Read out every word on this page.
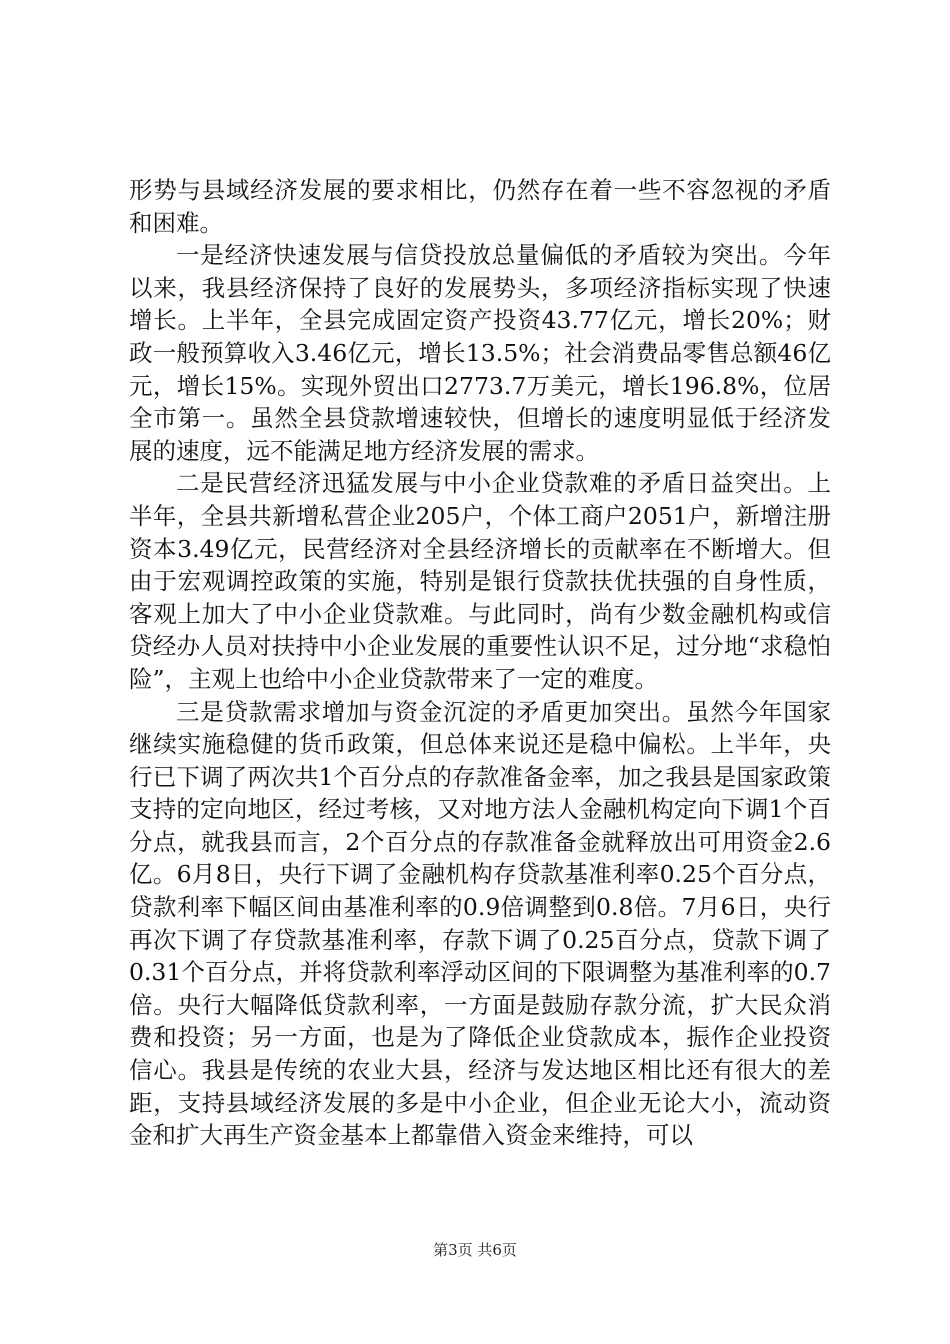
形势与县域经济发展的要求相比，仍然存在着一些不容忽视的矛盾和困难。

一是经济快速发展与信贷投放总量偏低的矛盾较为突出。今年以来，我县经济保持了良好的发展势头，多项经济指标实现了快速增长。上半年，全县完成固定资产投资43.77亿元，增长20%；财政一般预算收入3.46亿元，增长13.5%；社会消费品零售总额46亿元，增长15%。实现外贸出口2773.7万美元，增长196.8%，位居全市第一。虽然全县贷款增速较快，但增长的速度明显低于经济发展的速度，远不能满足地方经济发展的需求。

二是民营经济迅猛发展与中小企业贷款难的矛盾日益突出。上半年，全县共新增私营企业205户，个体工商户2051户，新增注册资本3.49亿元，民营经济对全县经济增长的贡献率在不断增大。但由于宏观调控政策的实施，特别是银行贷款扶优扶强的自身性质，客观上加大了中小企业贷款难。与此同时，尚有少数金融机构或信贷经办人员对扶持中小企业发展的重要性认识不足，过分地“求稳怕险”，主观上也给中小企业贷款带来了一定的难度。

三是贷款需求增加与资金沉淀的矛盾更加突出。虽然今年国家继续实施稳健的货币政策，但总体来说还是稳中偏松。上半年，央行已下调了两次共1个百分点的存款准备金率，加之我县是国家政策支持的定向地区，经过考核，又对地方法人金融机构定向下调1个百分点，就我县而言，2个百分点的存款准备金就释放出可用资金2.6亿。6月8日，央行下调了金融机构存贷款基准利率0.25个百分点，贷款利率下幅区间由基准利率的0.9倍调整到0.8倍。7月6日，央行再次下调了存贷款基准利率，存款下调了0.25百分点，贷款下调了0.31个百分点，并将贷款利率浮动区间的下限调整为基准利率的0.7倍。央行大幅降低贷款利率，一方面是鼓励存款分流，扩大民众消费和投资；另一方面，也是为了降低企业贷款成本，振作企业投资信心。我县是传统的农业大县，经济与发达地区相比还有很大的差距，支持县域经济发展的多是中小企业，但企业无论大小，流动资金和扩大再生产资金基本上都靠借入资金来维持，可以

第3页 共6页
